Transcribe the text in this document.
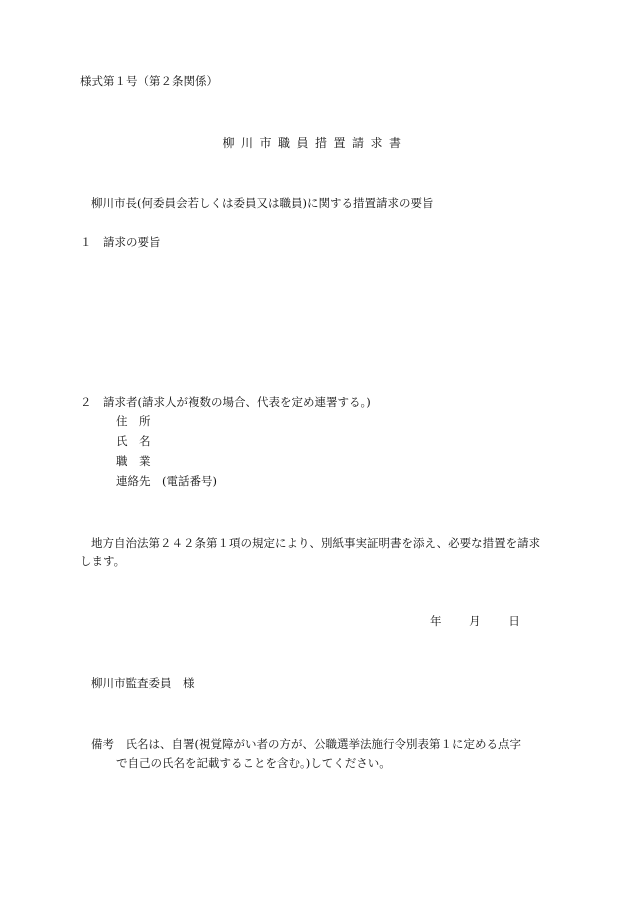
様式第１号（第２条関係）
柳川市職員措置請求書
柳川市長(何委員会若しくは委員又は職員)に関する措置請求の要旨
１　請求の要旨
２　請求者(請求人が複数の場合、代表を定め連署する。)
住　所
氏　名
職　業
連絡先　(電話番号)
地方自治法第２４２条第１項の規定により、別紙事実証明書を添え、必要な措置を請求
します。
年 月 日
柳川市監査委員　様
備考　氏名は、自署(視覚障がい者の方が、公職選挙法施行令別表第１に定める点字
で自己の氏名を記載することを含む。)してください。
